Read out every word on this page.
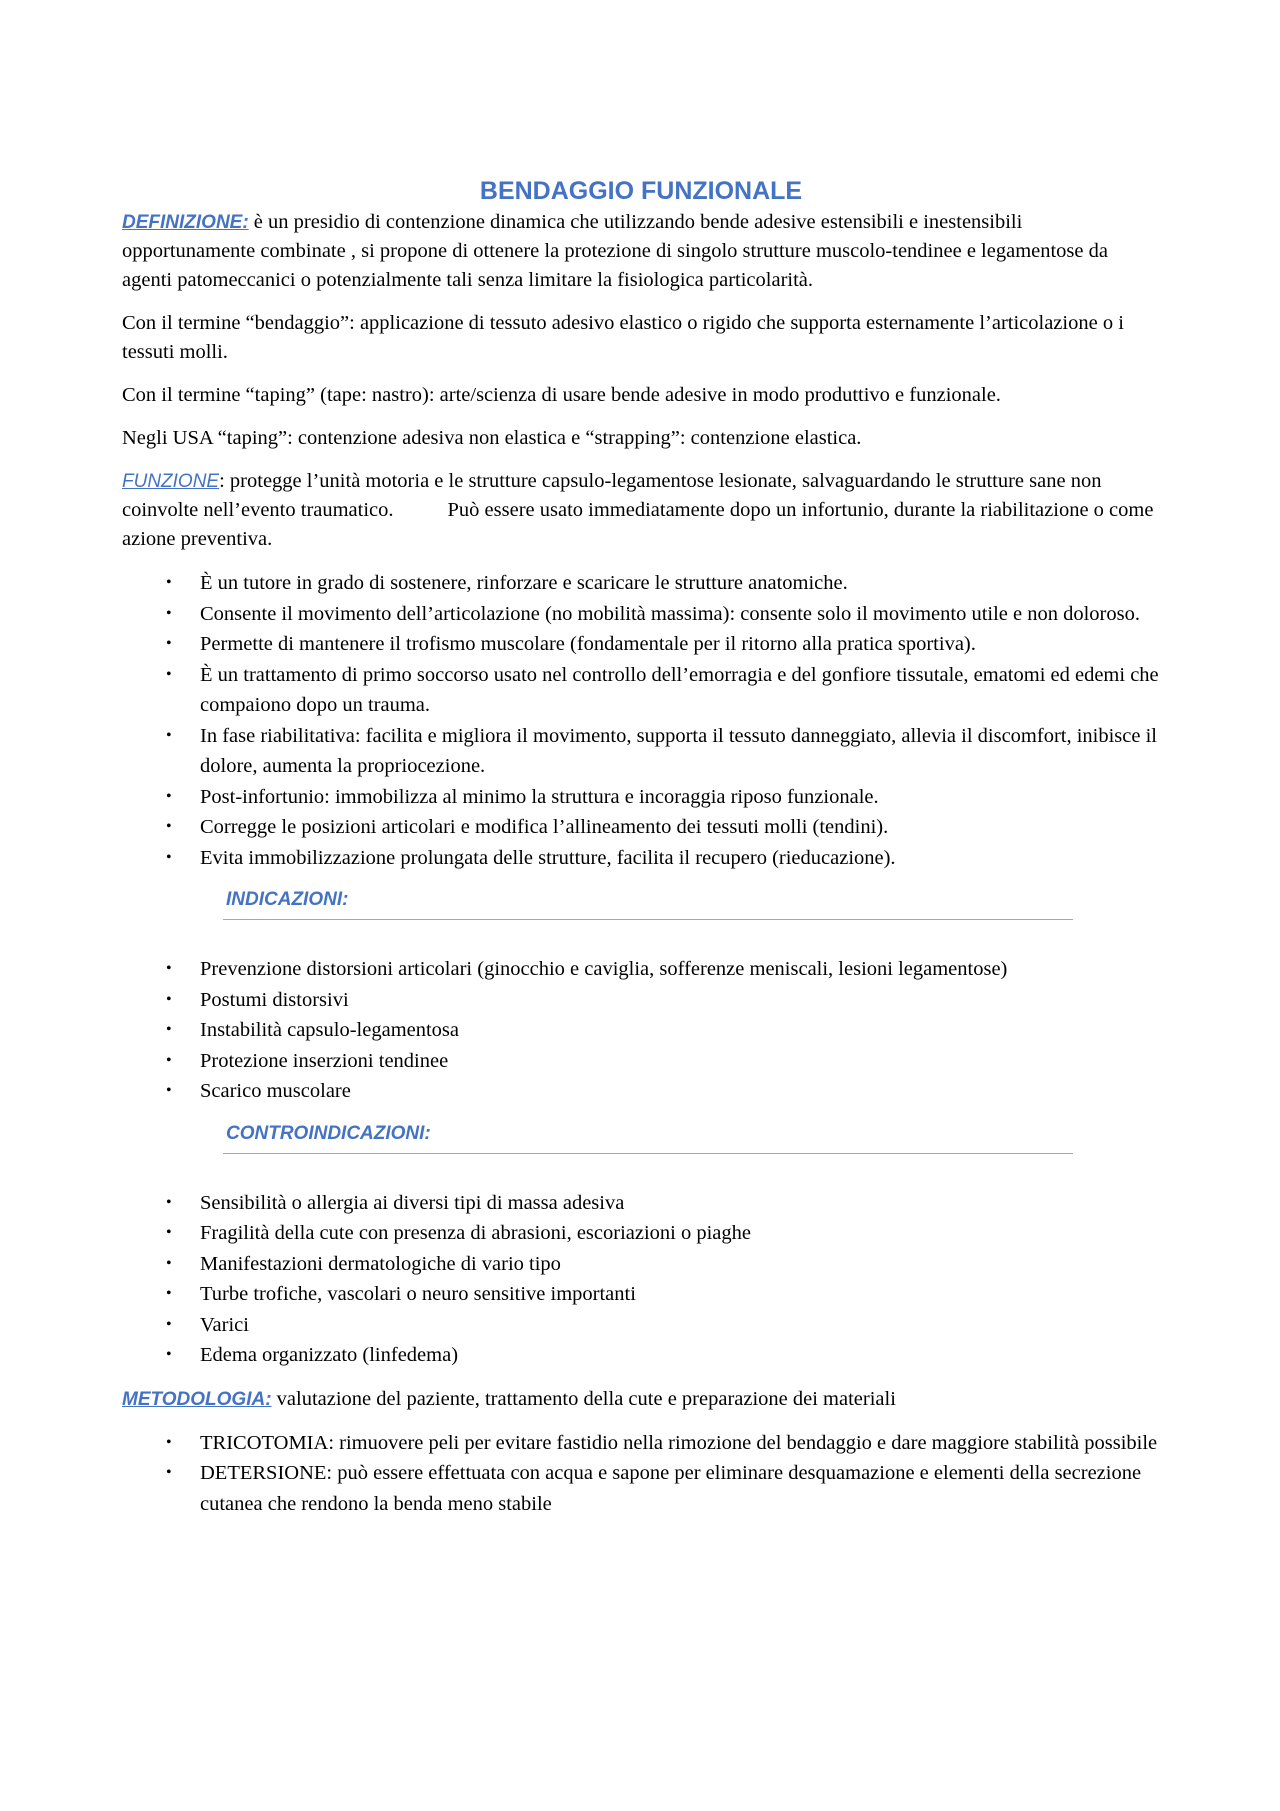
BENDAGGIO FUNZIONALE

DEFINIZIONE: è un presidio di contenzione dinamica che utilizzando bende adesive estensibili e inestensibili opportunamente combinate , si propone di ottenere la protezione di singolo strutture muscolo-tendinee e legamentose da agenti patomeccanici o potenzialmente tali senza limitare la fisiologica particolarità.

Con il termine “bendaggio”: applicazione di tessuto adesivo elastico o rigido che supporta esternamente l’articolazione o i tessuti molli.

Con il termine “taping” (tape: nastro): arte/scienza di usare bende adesive in modo produttivo e funzionale.

Negli USA “taping”: contenzione adesiva non elastica e “strapping”: contenzione elastica.

FUNZIONE: protegge l’unità motoria e le strutture capsulo-legamentose lesionate, salvaguardando le strutture sane non coinvolte nell’evento traumatico.	Può essere usato immediatamente dopo un infortunio, durante la riabilitazione o come azione preventiva.

• È un tutore in grado di sostenere, rinforzare e scaricare le strutture anatomiche.
• Consente il movimento dell’articolazione (no mobilità massima): consente solo il movimento utile e non doloroso.
• Permette di mantenere il trofismo muscolare (fondamentale per il ritorno alla pratica sportiva).
• È un trattamento di primo soccorso usato nel controllo dell’emorragia e del gonfiore tissutale, ematomi ed edemi che compaiono dopo un trauma.
• In fase riabilitativa: facilita e migliora il movimento, supporta il tessuto danneggiato, allevia il discomfort, inibisce il dolore, aumenta la propriocezione.
• Post-infortunio: immobilizza al minimo la struttura e incoraggia riposo funzionale.
• Corregge le posizioni articolari e modifica l’allineamento dei tessuti molli (tendini).
• Evita immobilizzazione prolungata delle strutture, facilita il recupero (rieducazione).
INDICAZIONI:
• Prevenzione distorsioni articolari (ginocchio e caviglia, sofferenze meniscali, lesioni legamentose)
• Postumi distorsivi
• Instabilità capsulo-legamentosa
• Protezione inserzioni tendinee
• Scarico muscolare
CONTROINDICAZIONI:
• Sensibilità o allergia ai diversi tipi di massa adesiva
• Fragilità della cute con presenza di abrasioni, escoriazioni o piaghe
• Manifestazioni dermatologiche di vario tipo
• Turbe trofiche, vascolari o neuro sensitive importanti
• Varici
• Edema organizzato (linfedema)

METODOLOGIA: valutazione del paziente, trattamento della cute e preparazione dei materiali

• TRICOTOMIA: rimuovere peli per evitare fastidio nella rimozione del bendaggio e dare maggiore stabilità possibile
• DETERSIONE: può essere effettuata con acqua e sapone per eliminare desquamazione e elementi della secrezione cutanea che rendono la benda meno stabile
